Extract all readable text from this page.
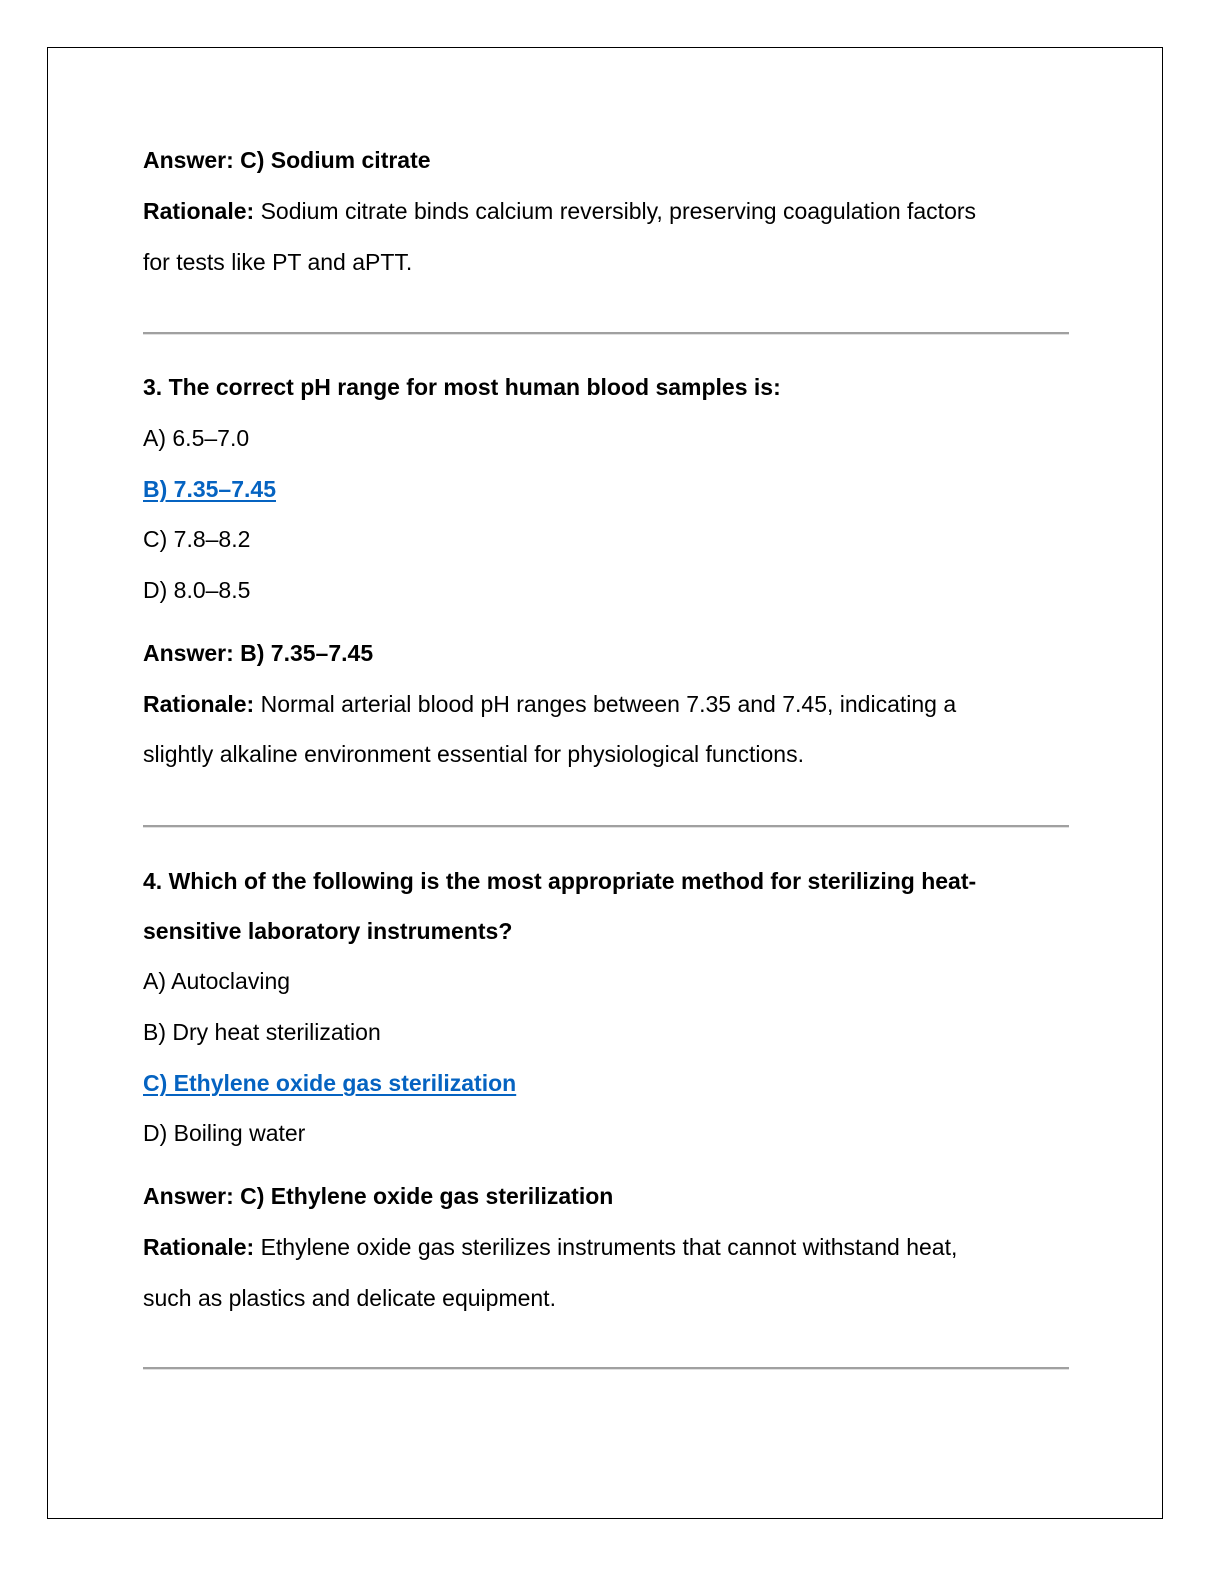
Answer: C) Sodium citrate
Rationale: Sodium citrate binds calcium reversibly, preserving coagulation factors
for tests like PT and aPTT.
3. The correct pH range for most human blood samples is:
A) 6.5–7.0
B) 7.35–7.45
C) 7.8–8.2
D) 8.0–8.5
Answer: B) 7.35–7.45
Rationale: Normal arterial blood pH ranges between 7.35 and 7.45, indicating a
slightly alkaline environment essential for physiological functions.
4. Which of the following is the most appropriate method for sterilizing heat-
sensitive laboratory instruments?
A) Autoclaving
B) Dry heat sterilization
C) Ethylene oxide gas sterilization
D) Boiling water
Answer: C) Ethylene oxide gas sterilization
Rationale: Ethylene oxide gas sterilizes instruments that cannot withstand heat,
such as plastics and delicate equipment.
